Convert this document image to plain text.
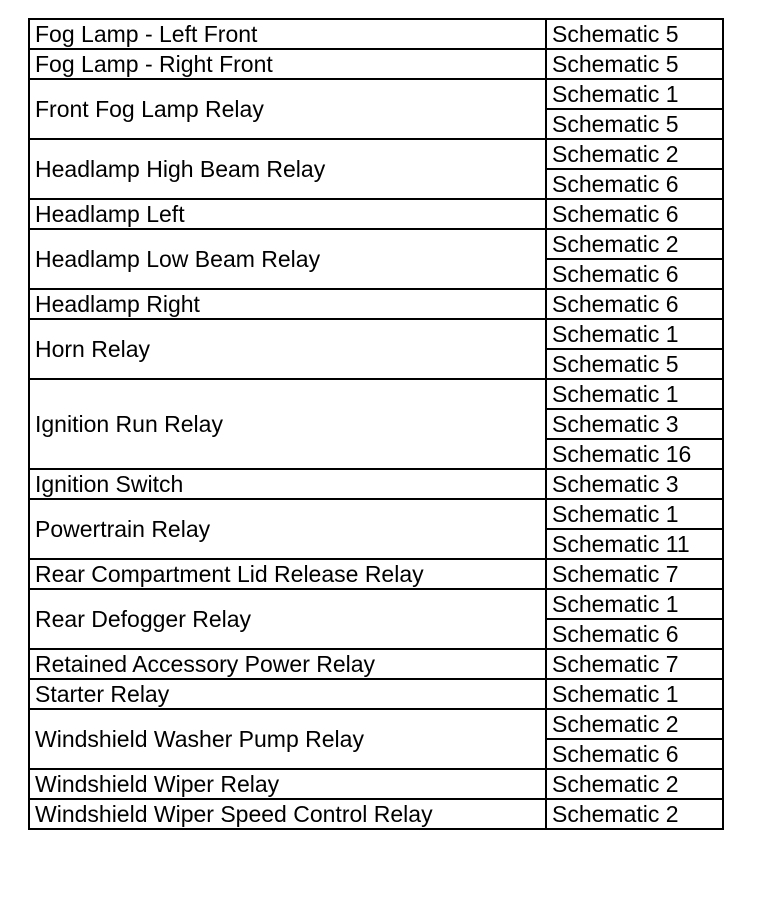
Fog Lamp - Left Front	Schematic 5
Fog Lamp - Right Front	Schematic 5
Front Fog Lamp Relay	Schematic 1
	Schematic 5
Headlamp High Beam Relay	Schematic 2
	Schematic 6
Headlamp Left	Schematic 6
Headlamp Low Beam Relay	Schematic 2
	Schematic 6
Headlamp Right	Schematic 6
Horn Relay	Schematic 1
	Schematic 5
Ignition Run Relay	Schematic 1
	Schematic 3
	Schematic 16
Ignition Switch	Schematic 3
Powertrain Relay	Schematic 1
	Schematic 11
Rear Compartment Lid Release Relay	Schematic 7
Rear Defogger Relay	Schematic 1
	Schematic 6
Retained Accessory Power Relay	Schematic 7
Starter Relay	Schematic 1
Windshield Washer Pump Relay	Schematic 2
	Schematic 6
Windshield Wiper Relay	Schematic 2
Windshield Wiper Speed Control Relay	Schematic 2
